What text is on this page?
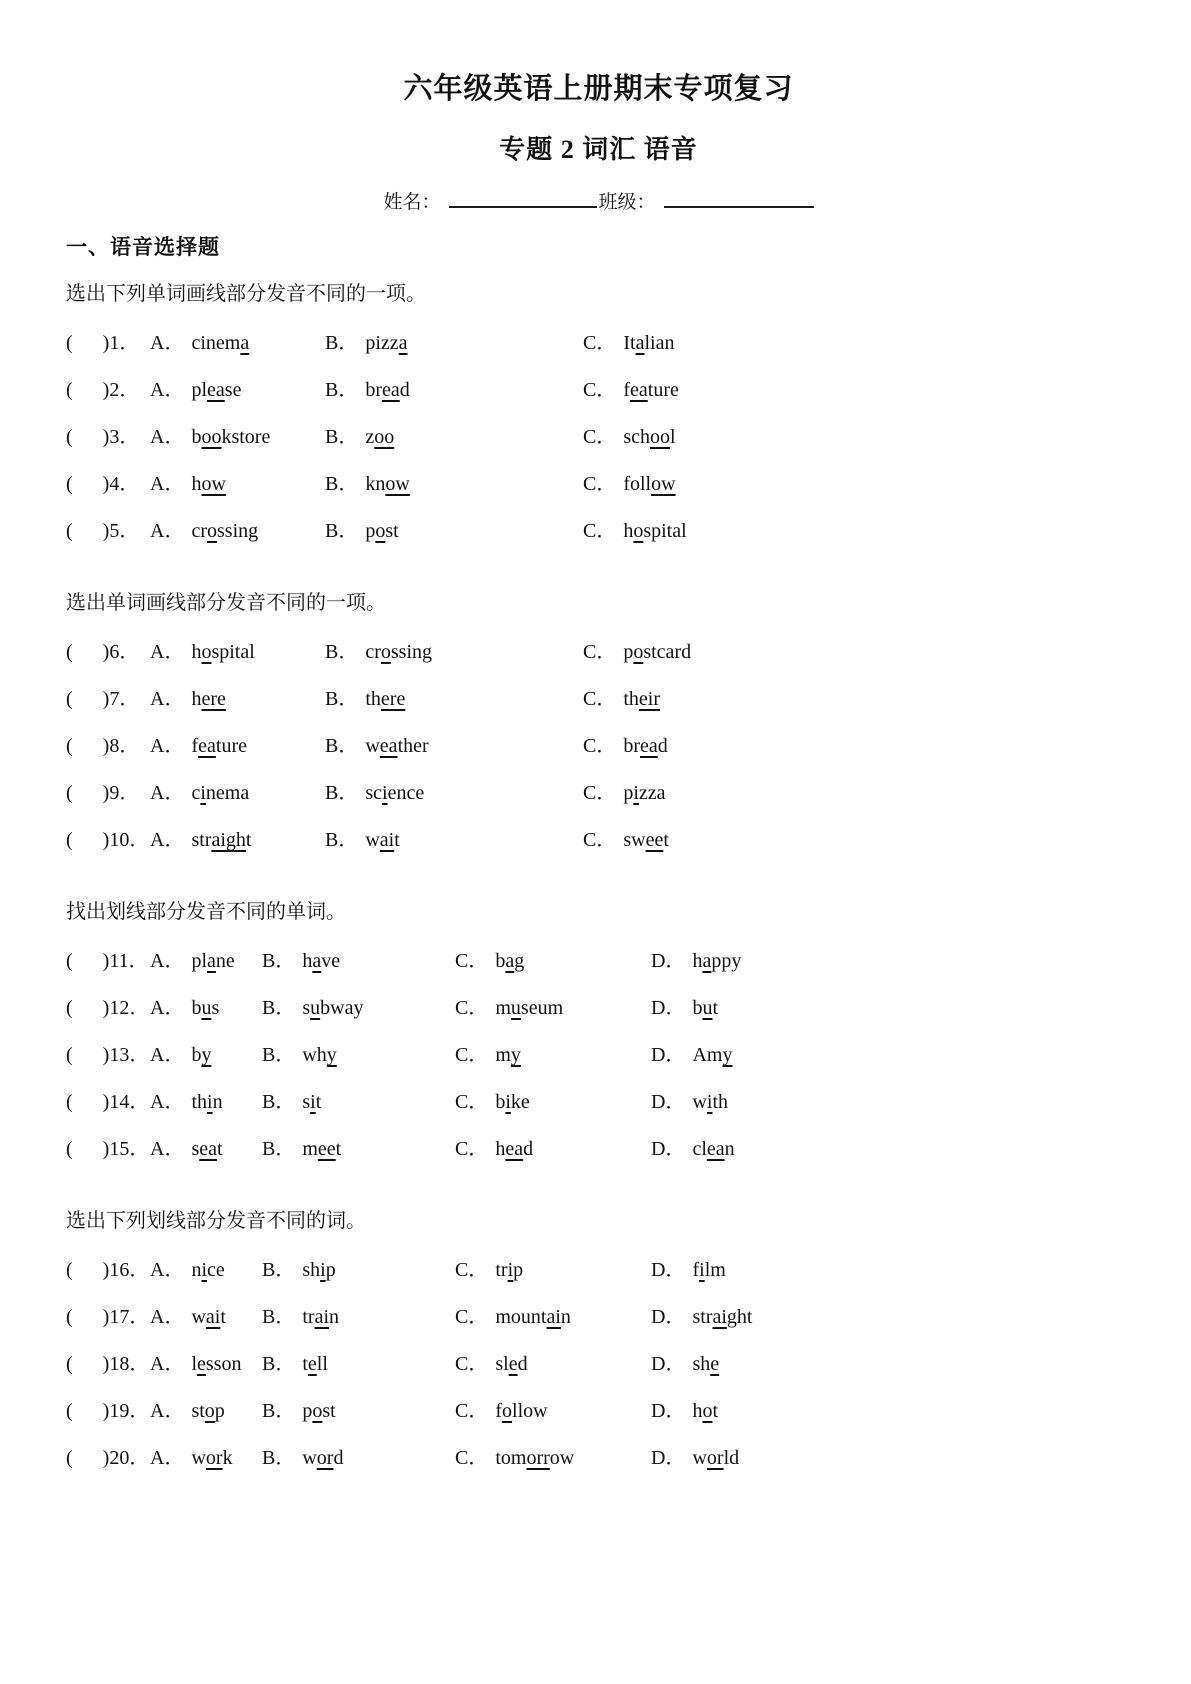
六年级英语上册期末专项复习
专题 2 词汇 语音
姓名：	班级：
一、语音选择题

选出下列单词画线部分发音不同的一项。

(      )1． A． cinema	B． pizza	C． Italian
(      )2． A． please	B． bread	C． feature
(      )3． A． bookstore	B． zoo	C． school
(      )4． A． how	B． know	C． follow
(      )5． A． crossing	B． post	C． hospital

选出单词画线部分发音不同的一项。

(      )6． A． hospital	B． crossing	C． postcard
(      )7． A． here	B． there	C． their
(      )8． A． feature	B． weather	C． bread
(      )9． A． cinema	B． science	C． pizza
(      )10． A． straight	B． wait	C． sweet

找出划线部分发音不同的单词。

(      )11． A． plane	B． have	C． bag	D． happy
(      )12． A． bus	B． subway	C． museum	D． but
(      )13． A． by	B． why	C． my	D． Amy
(      )14． A． thin	B． sit	C． bike	D． with
(      )15． A． seat	B． meet	C． head	D． clean

选出下列划线部分发音不同的词。

(      )16． A． nice	B． ship	C． trip	D． film
(      )17． A． wait	B． train	C． mountain	D． straight
(      )18． A． lesson	B． tell	C． sled	D． she
(      )19． A． stop	B． post	C． follow	D． hot
(      )20． A． work	B． word	C． tomorrow	D． world
